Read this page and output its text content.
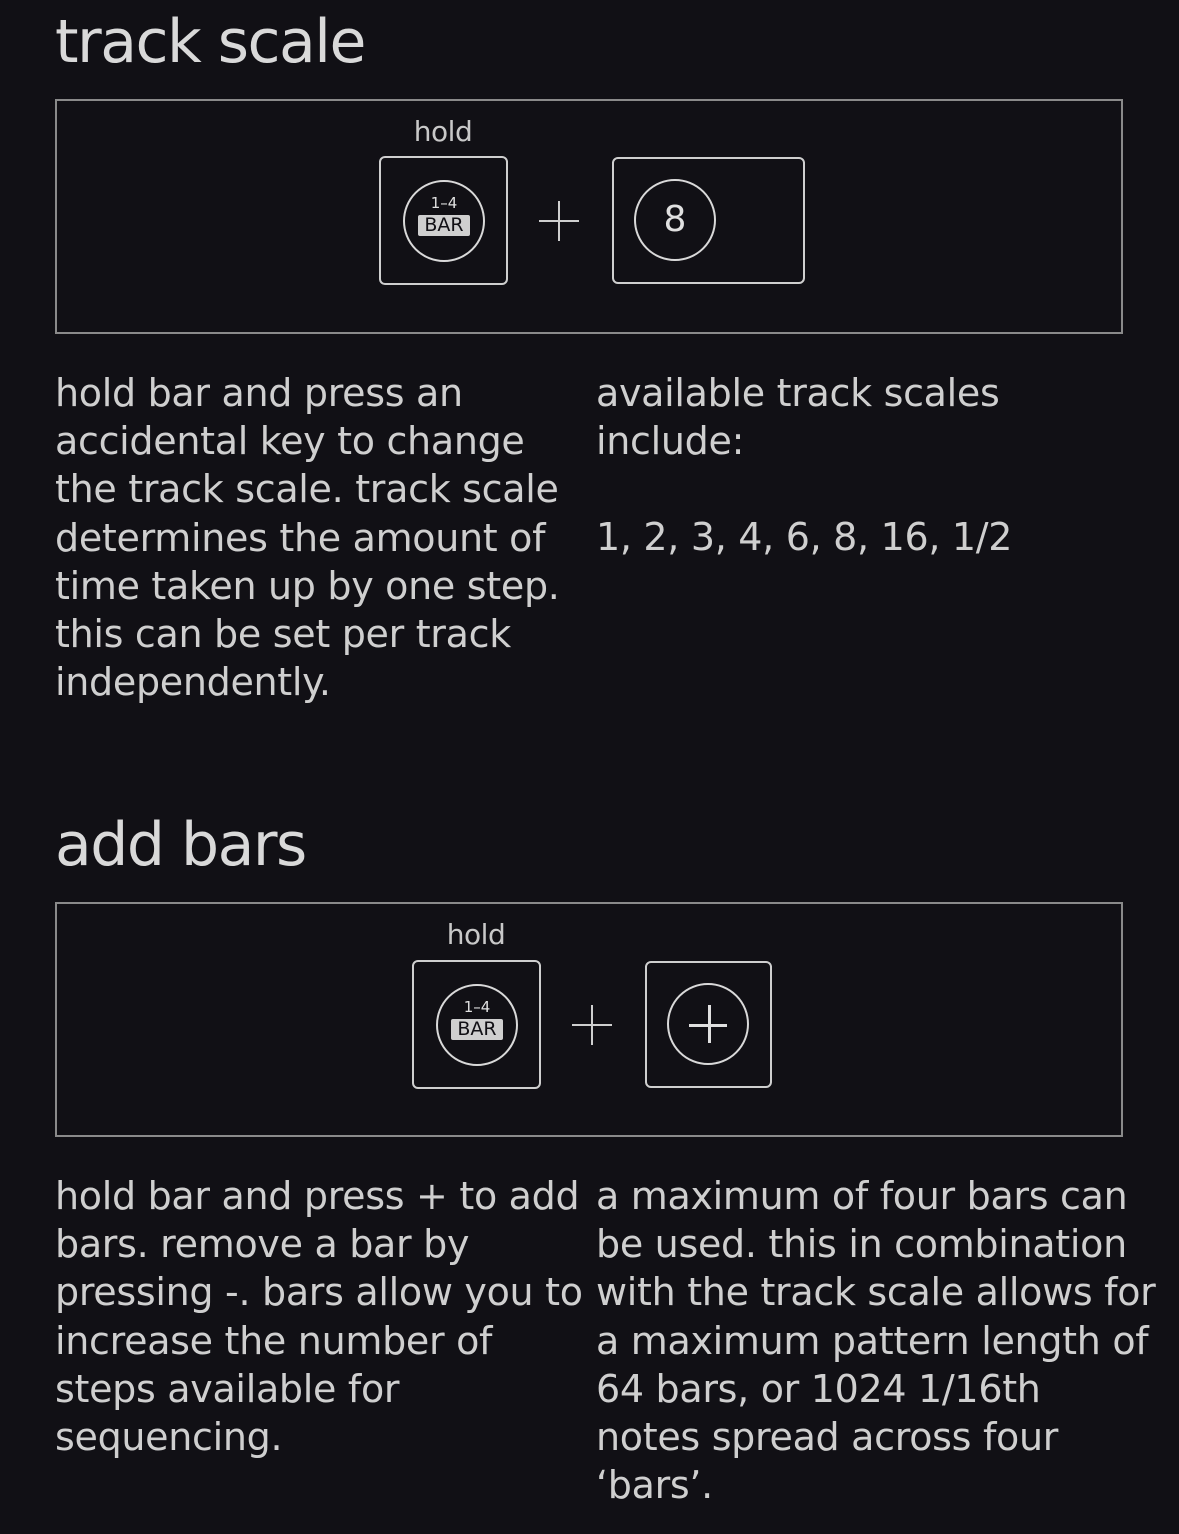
track scale
hold
1–4
BAR	8

hold bar and press an accidental key to change the track scale. track scale determines the amount of time taken up by one step. this can be set per track independently.

available track scales include:

1, 2, 3, 4, 6, 8, 16, 1/2

add bars
hold
1–4
BAR

hold bar and press + to add bars. remove a bar by pressing -. bars allow you to increase the number of steps available for sequencing.

a maximum of four bars can be used. this in combination with the track scale allows for a maximum pattern length of 64 bars, or 1024 1/16th notes spread across four ‘bars’.
